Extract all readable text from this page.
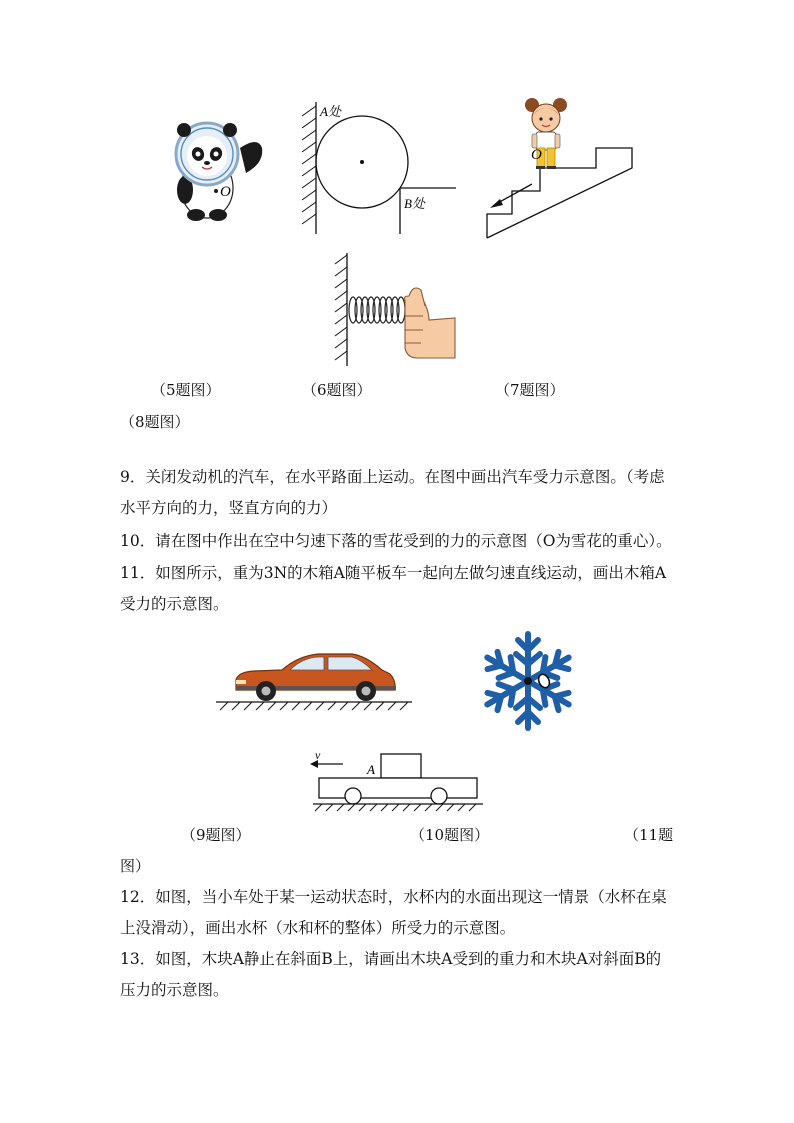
O
A处
B处
O
（5题图）	（6题图）	（7题图）
（8题图）
9．关闭发动机的汽车，在水平路面上运动。在图中画出汽车受力示意图。（考虑水平方向的力，竖直方向的力）
10．请在图中作出在空中匀速下落的雪花受到的力的示意图（O为雪花的重心）。
11．如图所示，重为3N的木箱A随平板车一起向左做匀速直线运动，画出木箱A受力的示意图。
v
A
（9题图）	（10题图）	（11题
图）
12．如图，当小车处于某一运动状态时，水杯内的水面出现这一情景（水杯在桌上没滑动），画出水杯（水和杯的整体）所受力的示意图。
13．如图，木块A静止在斜面B上，请画出木块A受到的重力和木块A对斜面B的压力的示意图。
